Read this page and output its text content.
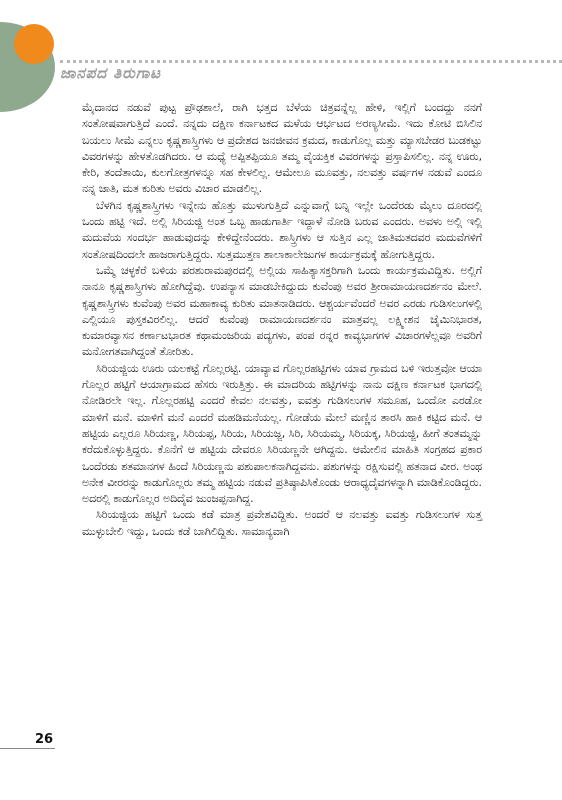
ಜಾನಪದ ತಿರುಗಾಟ

ಮೈದಾನದ ನಡುವೆ ಪುಟ್ಟ ಪ್ರೌಢಶಾಲೆ, ರಾಗಿ ಭತ್ತದ ಬೆಳೆಯ ಚಿತ್ರವನ್ನೆಲ್ಲ ಹೇಳಿ, ಇಲ್ಲಿಗೆ ಬಂದದ್ದು ನನಗೆ ಸಂತೋಷವಾಗುತ್ತಿದೆ ಎಂದೆ. ನನ್ನದು ದಕ್ಷಿಣ ಕರ್ನಾಟಕದ ಮಳೆಯ ಆರ್ಭಟದ ಅರಣ್ಯಸೀಮೆ. ಇದು ಕೋಟಿ ಬಿಸಿಲಿನ ಬಯಲು ಸೀಮೆ ಎನ್ನಲು ಕೃಷ್ಣಶಾಸ್ತ್ರಿಗಳು ಆ ಪ್ರದೇಶದ ಜನಜೀವನ ಕ್ರಮದ, ಕಾಡುಗೊಲ್ಲ ಮತ್ತು ಮ್ಯಾಸಬೇಡರ ಬುಡಕಟ್ಟು ವಿವರಗಳನ್ನು ಹೇಳತೊಡಗಿದರು. ಆ ಮಧ್ಯೆ ಅಪ್ಪಿತಪ್ಪಿಯೂ ತಮ್ಮ ವೈಯಕ್ತಿಕ ವಿವರಗಳನ್ನು ಪ್ರಸ್ತಾಪಿಸಲಿಲ್ಲ. ನನ್ನ ಊರು, ಕೇರಿ, ತಂದೆತಾಯಿ, ಕುಲಗೋತ್ರಗಳನ್ನೂ ಸಹ ಕೇಳಲಿಲ್ಲ. ಆಮೇಲೂ ಮೂವತ್ತು, ನಲವತ್ತು ವರ್ಷಗಳ ನಡುವೆ ಎಂದೂ ನನ್ನ ಜಾತಿ, ಮತ ಕುರಿತು ಅವರು ವಿಚಾರ ಮಾಡಲಿಲ್ಲ.

ಬೆಳಗಿನ ಕೃಷ್ಣಶಾಸ್ತ್ರಿಗಳು ಇನ್ನೇನು ಹೊತ್ತು ಮುಳುಗುತ್ತಿದೆ ಎನ್ನುವಾಗ್ಗೆ ಬನ್ನಿ ಇಲ್ಲೇ ಒಂದೆರಡು ಮೈಲು ದೂರದಲ್ಲಿ ಒಂದು ಹಟ್ಟಿ ಇದೆ. ಅಲ್ಲಿ ಸಿರಿಯಜ್ಜಿ ಅಂತ ಒಬ್ಬ ಹಾಡುಗಾರ್ತಿ ಇದ್ದಾಳೆ ನೋಡಿ ಬರುವ ಎಂದರು. ಅವಳು ಅಲ್ಲಿ ಇಲ್ಲಿ ಮದುವೆಯ ಸಂದರ್ಭ ಹಾಡುವುದನ್ನು ಕೇಳಿದ್ದೇನೆಂದರು. ಶಾಸ್ತ್ರಿಗಳು ಆ ಸುತ್ತಿನ ಎಲ್ಲ ಜಾತಿಮತದವರ ಮದುವೆಗಳಿಗೆ ಸಂತೋಷದಿಂದಲೇ ಹಾಜರಾಗುತ್ತಿದ್ದರು. ಸುತ್ತಮುತ್ತಣ ಶಾಲಾಕಾಲೇಜುಗಳ ಕಾರ್ಯಕ್ರಮಕ್ಕೆ ಹೋಗುತ್ತಿದ್ದರು.

ಒಮ್ಮೆ ಚಳ್ಳಕೆರೆ ಬಳಿಯ ಪರಶುರಾಮಪುರದಲ್ಲಿ ಅಲ್ಲಿಯ ಸಾಹಿತ್ಯಾಸಕ್ತರಿಗಾಗಿ ಒಂದು ಕಾರ್ಯಕ್ರಮವಿದ್ದಿತು. ಅಲ್ಲಿಗೆ ನಾನೂ ಕೃಷ್ಣಶಾಸ್ತ್ರಿಗಳು ಹೋಗಿದ್ದೆವು. ಉಪನ್ಯಾಸ ಮಾಡಬೇಕಿದ್ದುದು ಕುವೆಂಪು ಅವರ ಶ್ರೀರಾಮಾಯಣದರ್ಶನಂ ಮೇಲೆ. ಕೃಷ್ಣಶಾಸ್ತ್ರಿಗಳು ಕುವೆಂಪು ಅವರ ಮಹಾಕಾವ್ಯ ಕುರಿತು ಮಾತನಾಡಿದರು. ಆಶ್ಚರ್ಯವೆಂದರೆ ಅವರ ಎರಡು ಗುಡಿಸಲುಗಳಲ್ಲಿ ಎಲ್ಲಿಯೂ ಪುಸ್ತಕವಿರಲಿಲ್ಲ. ಆದರೆ ಕುವೆಂಪು ರಾಮಾಯಣದರ್ಶನಂ ಮಾತ್ರವಲ್ಲ ಲಕ್ಷ್ಮೀಶನ ಜೈಮಿನಿಭಾರತ, ಕುಮಾರವ್ಯಾಸನ ಕರ್ಣಾಟಭಾರತ ಕಥಾಮಂಜರಿಯ ಪದ್ಯಗಳು, ಪಂಪ ರನ್ನರ ಕಾವ್ಯಭಾಗಗಳ ವಿಚಾರಗಳೆಲ್ಲವೂ ಅವರಿಗೆ ಮನೋಗತವಾಗಿದ್ದಂತೆ ತೋರಿತು.

ಸಿರಿಯಜ್ಜಿಯ ಊರು ಯಲಕಟ್ಟೆ ಗೊಲ್ಲರಟ್ಟಿ. ಯಾವ್ಯಾವ ಗೊಲ್ಲರಹಟ್ಟಿಗಳು ಯಾವ ಗ್ರಾಮದ ಬಳಿ ಇರುತ್ತವೋ ಆಯಾ ಗೊಲ್ಲರ ಹಟ್ಟಿಗೆ ಆಯಾಗ್ರಾಮದ ಹೆಸರು ಇರುತ್ತಿತ್ತು. ಈ ಮಾದರಿಯ ಹಟ್ಟಿಗಳನ್ನು ನಾನು ದಕ್ಷಿಣ ಕರ್ನಾಟಕ ಭಾಗದಲ್ಲಿ ನೋಡಿರಲೇ ಇಲ್ಲ. ಗೊಲ್ಲರಹಟ್ಟಿ ಎಂದರೆ ಕೇವಲ ನಲವತ್ತು, ಐವತ್ತು ಗುಡಿಸಲುಗಳ ಸಮೂಹ, ಒಂದೋ ಎರಡೋ ಮಾಳಿಗೆ ಮನೆ. ಮಾಳಿಗೆ ಮನೆ ಎಂದರೆ ಮಹಡಿಮನೆಯಲ್ಲ. ಗೋಡೆಯ ಮೇಲೆ ಮಣ್ಣಿನ ತಾರಸಿ ಹಾಕಿ ಕಟ್ಟಿದ ಮನೆ. ಆ ಹಟ್ಟಿಯ ಎಲ್ಲರೂ ಸಿರಿಯಣ್ಣ, ಸಿರಿಯಪ್ಪ, ಸಿರಿಯ, ಸಿರಿಯಜ್ಜ, ಸಿರಿ, ಸಿರಿಯಮ್ಮ, ಸಿರಿಯಕ್ಕ, ಸಿರಿಯಜ್ಜಿ, ಹೀಗೆ ತಂತಮ್ಮನ್ನು ಕರೆದುಕೊಳ್ಳುತ್ತಿದ್ದರು. ಕೊನೆಗೆ ಆ ಹಟ್ಟಿಯ ದೇವರೂ ಸಿರಿಯಣ್ಣನೇ ಆಗಿದ್ದನು. ಆಮೇಲಿನ ಮಾಹಿತಿ ಸಂಗ್ರಹದ ಪ್ರಕಾರ ಒಂದೆರಡು ಶತಮಾನಗಳ ಹಿಂದೆ ಸಿರಿಯಣ್ಣನು ಪಶುಪಾಲಕನಾಗಿದ್ದವನು. ಪಶುಗಳನ್ನು ರಕ್ಷಿಸುವಲ್ಲಿ ಹತನಾದ ವೀರ. ಅಂಥ ಅನೇಕ ವೀರರನ್ನು ಕಾಡುಗೊಲ್ಲರು ತಮ್ಮ ಹಟ್ಟಿಯ ನಡುವೆ ಪ್ರತಿಷ್ಠಾಪಿಸಿಕೊಂಡು ಆರಾಧ್ಯದೈವಗಳನ್ನಾಗಿ ಮಾಡಿಕೊಂಡಿದ್ದರು. ಅದರಲ್ಲಿ ಕಾಡುಗೊಲ್ಲರ ಅದಿದೈವ ಜುಂಜಪ್ಪನಾಗಿದ್ದ.

ಸಿರಿಯಜ್ಜಿಯ ಹಟ್ಟಿಗೆ ಒಂದು ಕಡೆ ಮಾತ್ರ ಪ್ರವೇಶವಿದ್ದಿತು. ಅಂದರೆ ಆ ನಲವತ್ತು ಐವತ್ತು ಗುಡಿಸಲುಗಳ ಸುತ್ತ ಮುಳ್ಳುಬೇಲಿ ಇದ್ದು, ಒಂದು ಕಡೆ ಬಾಗಿಲಿದ್ದಿತು. ಸಾಮಾನ್ಯವಾಗಿ

26
